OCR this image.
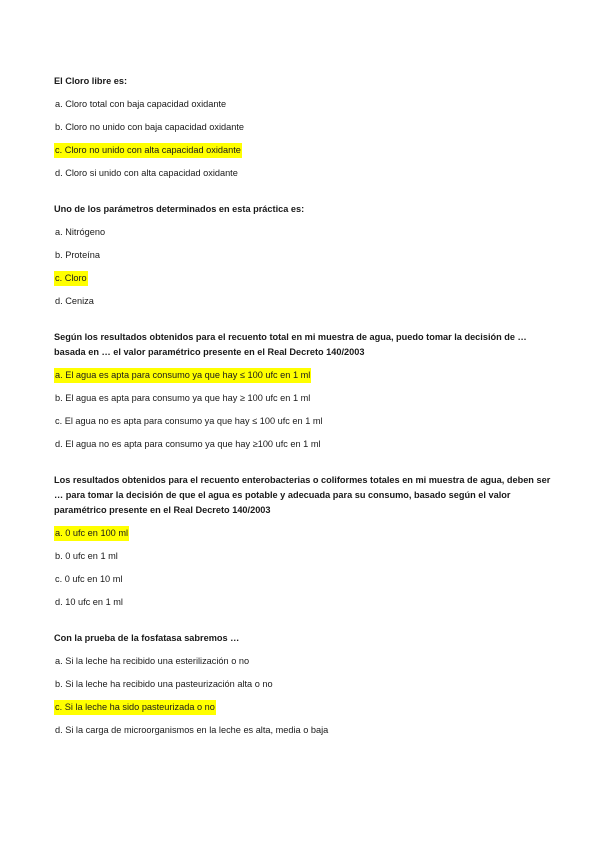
El Cloro libre es:

a. Cloro total con baja capacidad oxidante
b. Cloro no unido con baja capacidad oxidante
c. Cloro no unido con alta capacidad oxidante
d. Cloro si unido con alta capacidad oxidante

Uno de los parámetros determinados en esta práctica es:

a. Nitrógeno
b. Proteína
c. Cloro
d. Ceniza

Según los resultados obtenidos para el recuento total en mi muestra de agua, puedo tomar la decisión de … basada en … el valor paramétrico presente en el Real Decreto 140/2003

a. El agua es apta para consumo ya que hay ≤ 100 ufc en 1 ml
b. El agua es apta para consumo ya que hay ≥ 100 ufc en 1 ml
c. El agua no es apta para consumo ya que hay ≤ 100 ufc en 1 ml
d. El agua no es apta para consumo ya que hay ≥100 ufc en 1 ml

Los resultados obtenidos para el recuento enterobacterias o coliformes totales en mi muestra de agua, deben ser … para tomar la decisión de que el agua es potable y adecuada para su consumo, basado según el valor paramétrico presente en el Real Decreto 140/2003

a. 0 ufc en 100 ml
b. 0 ufc en 1 ml
c. 0 ufc en 10 ml
d. 10 ufc en 1 ml

Con la prueba de la fosfatasa sabremos …

a. Si la leche ha recibido una esterilización o no
b. Si la leche ha recibido una pasteurización alta o no
c. Si la leche ha sido pasteurizada o no
d. Si la carga de microorganismos en la leche es alta, media o baja
